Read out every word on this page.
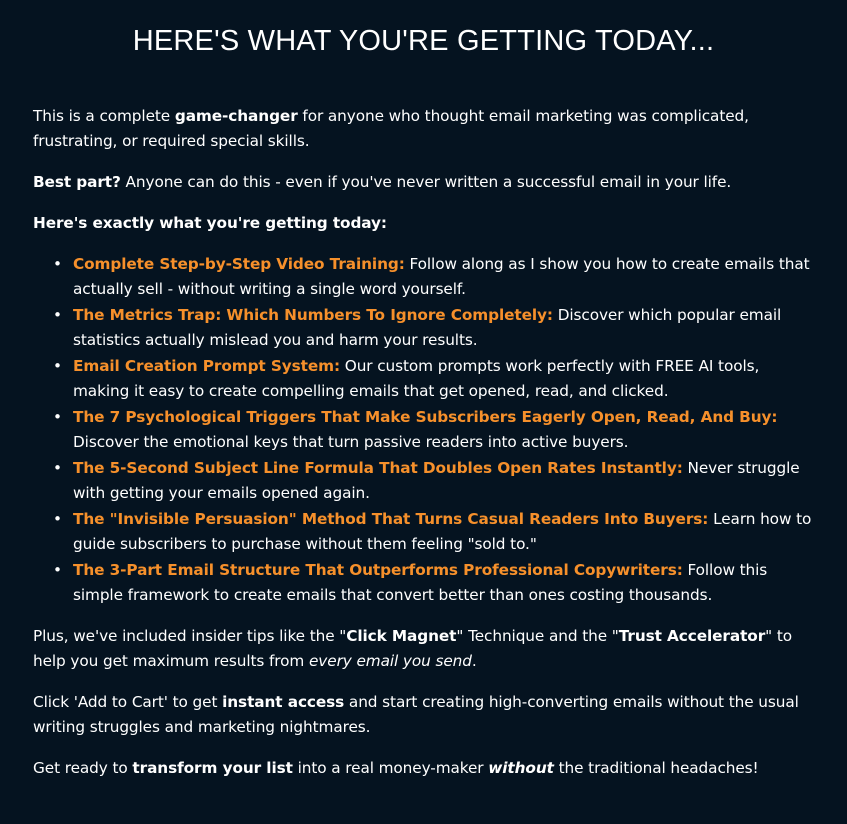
HERE'S WHAT YOU'RE GETTING TODAY...

This is a complete game-changer for anyone who thought email marketing was complicated, frustrating, or required special skills.

Best part? Anyone can do this - even if you've never written a successful email in your life.

Here's exactly what you're getting today:

• Complete Step-by-Step Video Training: Follow along as I show you how to create emails that actually sell - without writing a single word yourself.
• The Metrics Trap: Which Numbers To Ignore Completely: Discover which popular email statistics actually mislead you and harm your results.
• Email Creation Prompt System: Our custom prompts work perfectly with FREE AI tools, making it easy to create compelling emails that get opened, read, and clicked.
• The 7 Psychological Triggers That Make Subscribers Eagerly Open, Read, And Buy: Discover the emotional keys that turn passive readers into active buyers.
• The 5-Second Subject Line Formula That Doubles Open Rates Instantly: Never struggle with getting your emails opened again.
• The "Invisible Persuasion" Method That Turns Casual Readers Into Buyers: Learn how to guide subscribers to purchase without them feeling "sold to."
• The 3-Part Email Structure That Outperforms Professional Copywriters: Follow this simple framework to create emails that convert better than ones costing thousands.

Plus, we've included insider tips like the "Click Magnet" Technique and the "Trust Accelerator" to help you get maximum results from every email you send.

Click 'Add to Cart' to get instant access and start creating high-converting emails without the usual writing struggles and marketing nightmares.

Get ready to transform your list into a real money-maker without the traditional headaches!
